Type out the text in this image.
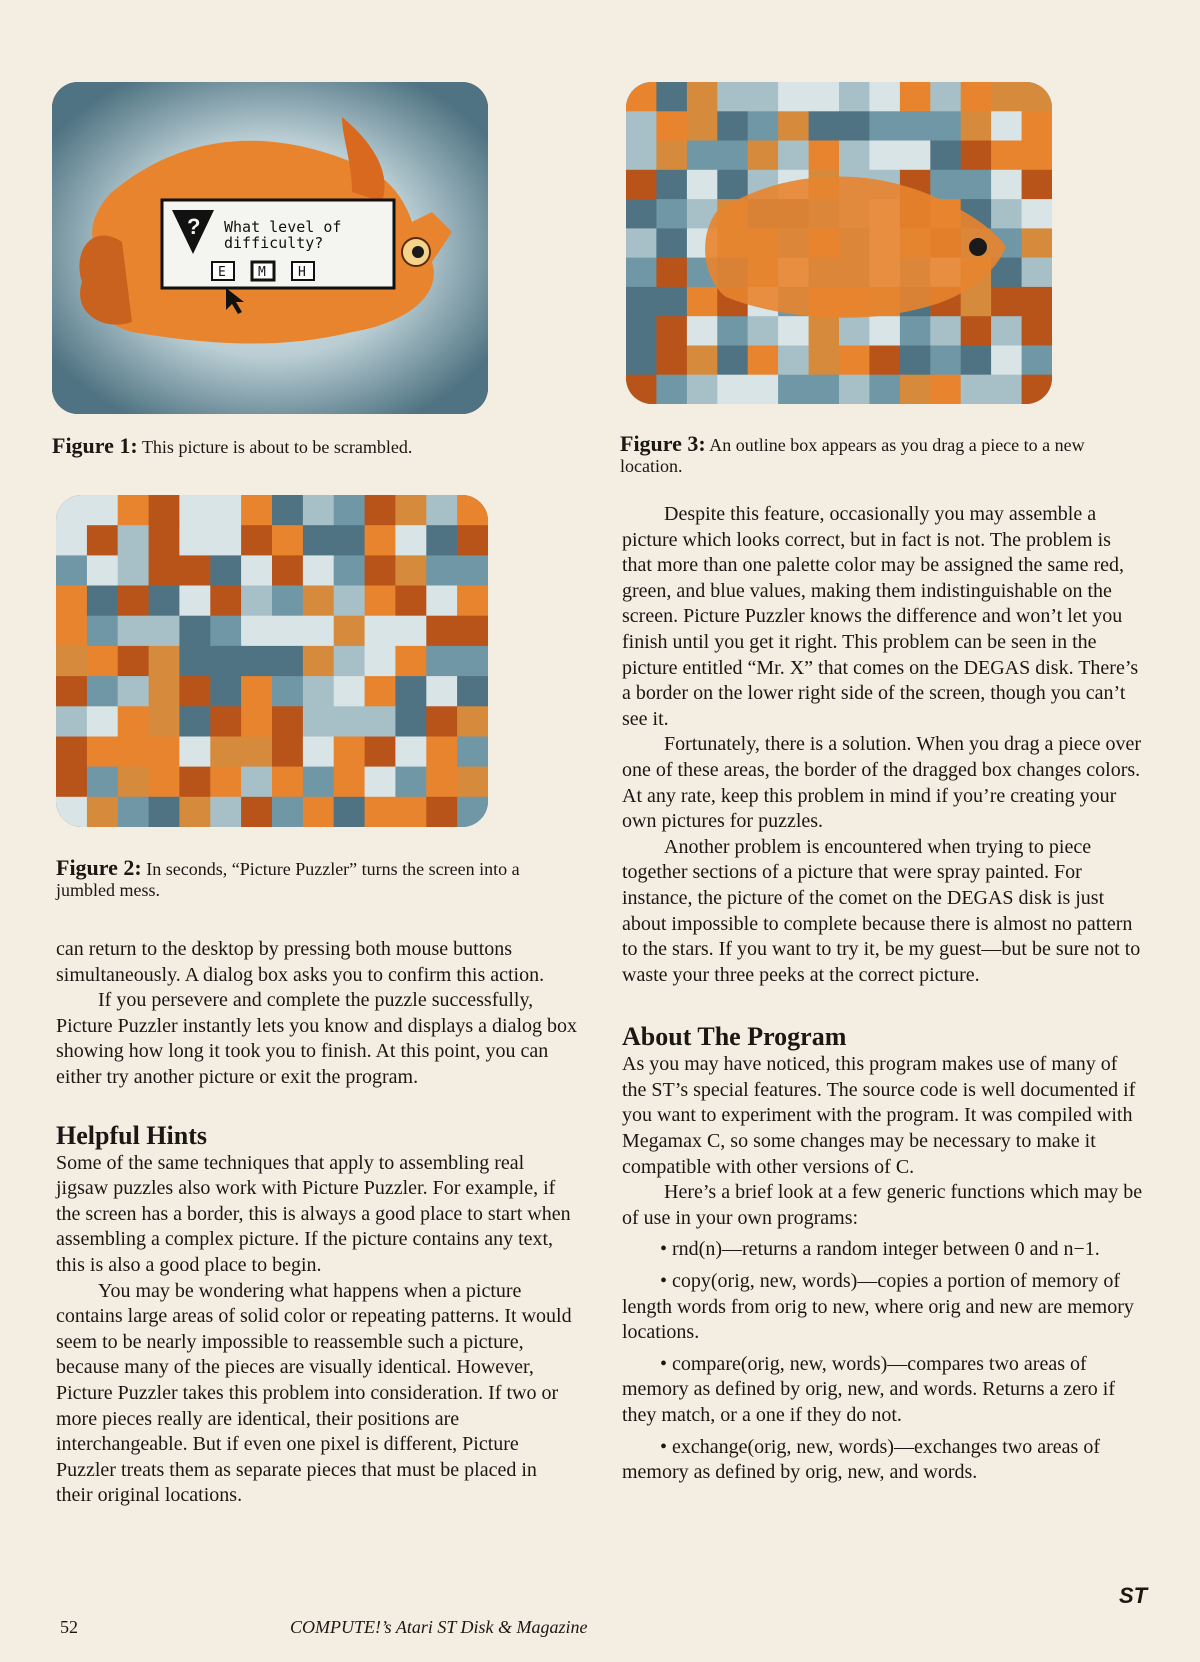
? What level of
difficulty?
E M H
Figure 1: This picture is about to be scrambled.
Figure 2: In seconds, “Picture Puzzler” turns the screen into a jumbled mess.
Figure 3: An outline box appears as you drag a piece to a new location.

can return to the desktop by pressing both mouse buttons simultaneously. A dialog box asks you to confirm this action.

If you persevere and complete the puzzle successfully, Picture Puzzler instantly lets you know and displays a dialog box showing how long it took you to finish. At this point, you can either try another picture or exit the program.

Helpful Hints

Some of the same techniques that apply to assembling real jigsaw puzzles also work with Picture Puzzler. For example, if the screen has a border, this is always a good place to start when assembling a complex picture. If the picture contains any text, this is also a good place to begin.

You may be wondering what happens when a picture contains large areas of solid color or repeating patterns. It would seem to be nearly impossible to reassemble such a picture, because many of the pieces are visually identical. However, Picture Puzzler takes this problem into consideration. If two or more pieces really are identical, their positions are interchangeable. But if even one pixel is different, Picture Puzzler treats them as separate pieces that must be placed in their original locations.

Despite this feature, occasionally you may assemble a picture which looks correct, but in fact is not. The problem is that more than one palette color may be assigned the same red, green, and blue values, making them indistinguishable on the screen. Picture Puzzler knows the difference and won’t let you finish until you get it right. This problem can be seen in the picture entitled “Mr. X” that comes on the DEGAS disk. There’s a border on the lower right side of the screen, though you can’t see it.

Fortunately, there is a solution. When you drag a piece over one of these areas, the border of the dragged box changes colors. At any rate, keep this problem in mind if you’re creating your own pictures for puzzles.

Another problem is encountered when trying to piece together sections of a picture that were spray painted. For instance, the picture of the comet on the DEGAS disk is just about impossible to complete because there is almost no pattern to the stars. If you want to try it, be my guest—but be sure not to waste your three peeks at the correct picture.

About The Program

As you may have noticed, this program makes use of many of the ST’s special features. The source code is well documented if you want to experiment with the program. It was compiled with Megamax C, so some changes may be necessary to make it compatible with other versions of C.

Here’s a brief look at a few generic functions which may be of use in your own programs:

• rnd(n)—returns a random integer between 0 and n−1.

• copy(orig, new, words)—copies a portion of memory of length words from orig to new, where orig and new are memory locations.

• compare(orig, new, words)—compares two areas of memory as defined by orig, new, and words. Returns a zero if they match, or a one if they do not.

• exchange(orig, new, words)—exchanges two areas of memory as defined by orig, new, and words.

52	COMPUTE!’s Atari ST Disk & Magazine
ST
